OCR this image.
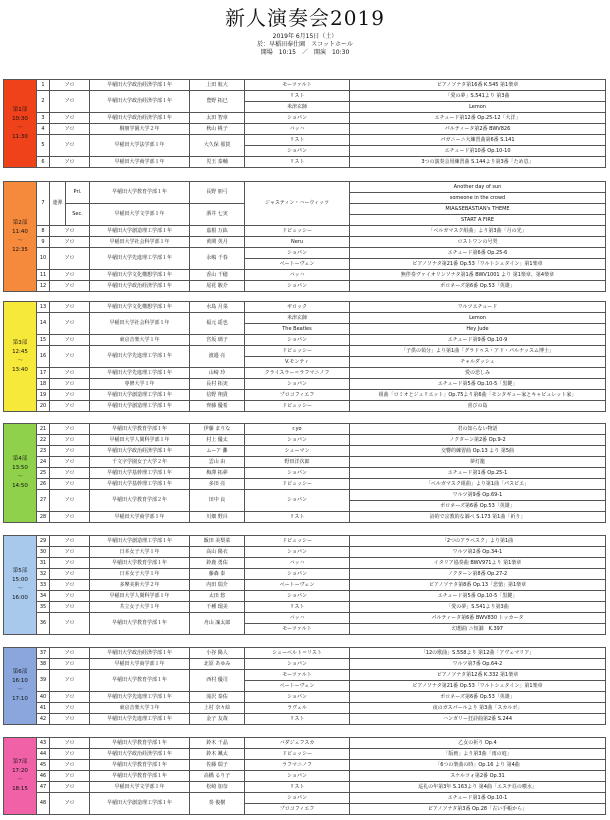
新人演奏会2019
2019年 6月15日（土）
於：早稲田奉仕園　スコットホール
開場　10:15　／　開演　10:30
第1部
10:30
〜
11:30	1	ソロ	早稲田大学政治経済学部１年	上田 航大	モーツァルト	ピアノソナタ第16番 K.545 第1楽章
	2	ソロ	早稲田大学政治経済学部１年	豊野 拓巳	リスト	「愛の夢」S.541より 第3曲
					米津玄師	Lemon
	3	ソロ	早稲田大学政治経済学部１年	太田 智章	ショパン	エチュード第12番 Op.25-12「大洋」
	4	ソロ	桐朋学園大学２年	秋山 桃子	バッハ	パルティータ第2番 BWV826
	5	ソロ	早稲田大学法学部１年	大久保 那賀	リスト	パガニーニ大練習曲第6番 S.141
					ショパン	エチュード第10番 Op.10-10
	6	ソロ	早稲田大学商学部１年	児玉 泰輔	リスト	3つの演奏会用練習曲 S.144より第3番「ため息」
第2部
11:40
〜
12:35	7	連弾	Pri.	早稲田大学教育学部１年	長野 朋弓	ジャスティン・ハーウィッツ	Another day of sun
							someone in the crowd
			Sec.	早稲田大学文学部１年	酒井 七実		MIA&SEBASTIAN's THEME
							START A FIRE
	8	ソロ		早稲田大学創造理工学部１年	嘉根 万紘	ドビュッシー	「ベルガマスク組曲」より第3曲「月の光」
	9	ソロ		早稲田大学社会科学部１年	黄関 英月	Neru	ロストワンの号哭
	10	ソロ		早稲田大学先進理工学部１年	永嶋 千春	ショパン	エチュード第6番 Op.25-6
						ベートーヴェン	ピアノソナタ第21番 Op.53「ワルトシュタイン」第1楽章
	11	ソロ		早稲田大学文化構想学部１年	香山 千穂	バッハ	無伴奏ヴァイオリンソナタ第1番 BWV1001 より 第1楽章、第4楽章
	12	ソロ		早稲田大学政治経済学部１年	尾花 駿介	ショパン	ポロネーズ第6番 Op.53「英雄」
第3部
12:45
〜
13:40	13	ソロ	早稲田大学文化構想学部１年	水島 月菜	ギロック	ワルツエチュード
	14	ソロ	早稲田大学社会科学部１年	福元 遥也	米津玄師	Lemon
					The Beatles	Hey Jude
	15	ソロ	東京音楽大学１年	宮坂 璃子	ショパン	エチュード第9番 Op.10-9
	16	ソロ	早稲田大学先進理工学部１年	渡邉 亮	ドビュッシー	「子供の領分」より第1曲「グラドゥス・アド・パルナッスム博士」
					V.モンティ	チャルダッシュ
	17	ソロ	早稲田大学先進理工学部１年	山崎 玲	クライスラー＝ラフマニノフ	愛の悲しみ
	18	ソロ	専修大学１年	長村 拓実	ショパン	エチュード第5番 Op.10-5「黒鍵」
	19	ソロ	早稲田大学創造理工学部１年	信野 翔貴	プロコフィエフ	組曲「ロミオとジュリエット」Op.75より第6曲「モンタギュー家とキャピュレット家」
	20	ソロ	早稲田大学創造理工学部１年	齊藤 優希	ドビュッシー	喜びの島
第4部
13:50
〜
14:50	21	ソロ	早稲田大学教育学部１年	伊藤 まりな	r.yo	君の知らない物語
	22	ソロ	早稲田大学人間科学部１年	村上 優太	ショパン	ノクターン第2番 Op.9-2
	23	ソロ	早稲田大学政治経済学部１年	ムーア 灘	シューマン	交響的練習曲 Op.13 より 第5曲
	24	ソロ	千文字学園女子大学２年	雲山 由	野田洋次郎	夢灯籠
	25	ソロ	早稲田大学基幹理工学部１年	梅澤 拓夢	ショパン	エチュード第1番 Op.25-1
	26	ソロ	早稲田大学基幹理工学部１年	多田 亮	ドビュッシー	「ベルガマスク組曲」より第1曲「パスピエ」
	27	ソロ	早稲田大学教育学部２年	田中 良	ショパン	ワルツ第9番 Op.69-1
						ポロネーズ第6番 Op.53「英雄」
	28	ソロ	早稲田大学商学部１年	川畑 野呂	リスト	詩的で宗教的な調べ S.173 第1曲「祈り」
第5部
15:00
〜
16:00	29	ソロ	早稲田大学創造理工学部１年	飯田 美梨菜	ドビュッシー	「2つのアラベスク」より第1曲
	30	ソロ	日本女子大学１年	高山 陽衣	ショパン	ワルツ第2番 Op.34-1
	31	ソロ	早稲田大学教育学部１年	鈴鹿 勇佑	バッハ	イタリア協奏曲 BWV971より 第1楽章
	32	ソロ	日本女子大学１年	藤森 泰	ショパン	ノクターン第8番 Op.27-2
	33	ソロ	多摩美術大学２年	内田 瑞介	ベートーヴェン	ピアノソナタ第8番 Op.13「悲愴」第1楽章
	34	ソロ	早稲田大学人間科学部１年	太田 悠	ショパン	エチュード第5番 Op.10-5「黒鍵」
	35	ソロ	共立女子大学１年	千種 瑠美	リスト	「愛の夢」S.541より第3曲
	36	ソロ	早稲田大学教育学部１年	舟山 凜太郎	バッハ	パルティータ第6番 BWV830 トッカータ
					モーツァルト	幻想曲 ニ短調　K.397
第6部
16:10
〜
17:10	37	ソロ	早稲田大学政治経済学部１年	小谷 陽人	シューベルト＝リスト	「12の歌曲」S.558より 第12曲「アヴェマリア」
	38	ソロ	早稲田大学商学部１年	北原 あゆみ	ショパン	ワルツ第7番 Op.64-2
	39	ソロ	早稲田大学教育学部１年	西村 優司	モーツァルト	ピアノソナタ第12番 K.332 第1楽章
					ベートーヴェン	ピアノソナタ第21番 Op.53「ワルトシュタイン」第1楽章
	40	ソロ	早稲田大学先進理工学部１年	滝沢 泰佑	ショパン	ポロネーズ第6番 Op.53「英雄」
	41	ソロ	東京音楽大学３年	上村 奈々絵	ラヴェル	夜のガスパールより 第3曲「スカルボ」
	42	ソロ	早稲田大学先進理工学部１年	金子 友哉	リスト	ハンガリー狂詩曲第2番 S.244
第7部
17:20
〜
18:15	43	ソロ	早稲田大学教育学部１年	鈴木 千晶	バダジェフスカ	乙女の祈り Op.4
	44	ソロ	早稲田大学政治経済学部１年	鈴木 颯太	ドビュッシー	「版画」より第3曲「雨の庭」
	45	ソロ	早稲田大学教育学部１年	佐藤 瑞子	ラフマニノフ	「6つの楽曲の時」Op.16 より 第4曲
	46	ソロ	早稲田大学教育学部１年	高橋 るり子	ショパン	スケルツォ第2番 Op.31
	47	ソロ	早稲田大学文学部１年	松崎 加奈	リスト	巡礼の年第3年 S.163より 第4曲「エステ荘の噴水」
	48	ソロ	早稲田大学創造理工学部１年	奏 俊樹	ショパン	エチュード第1番 Op.10-1
					プロコフィエフ	ピアノソナタ第3番 Op.28「古い手帳から」
